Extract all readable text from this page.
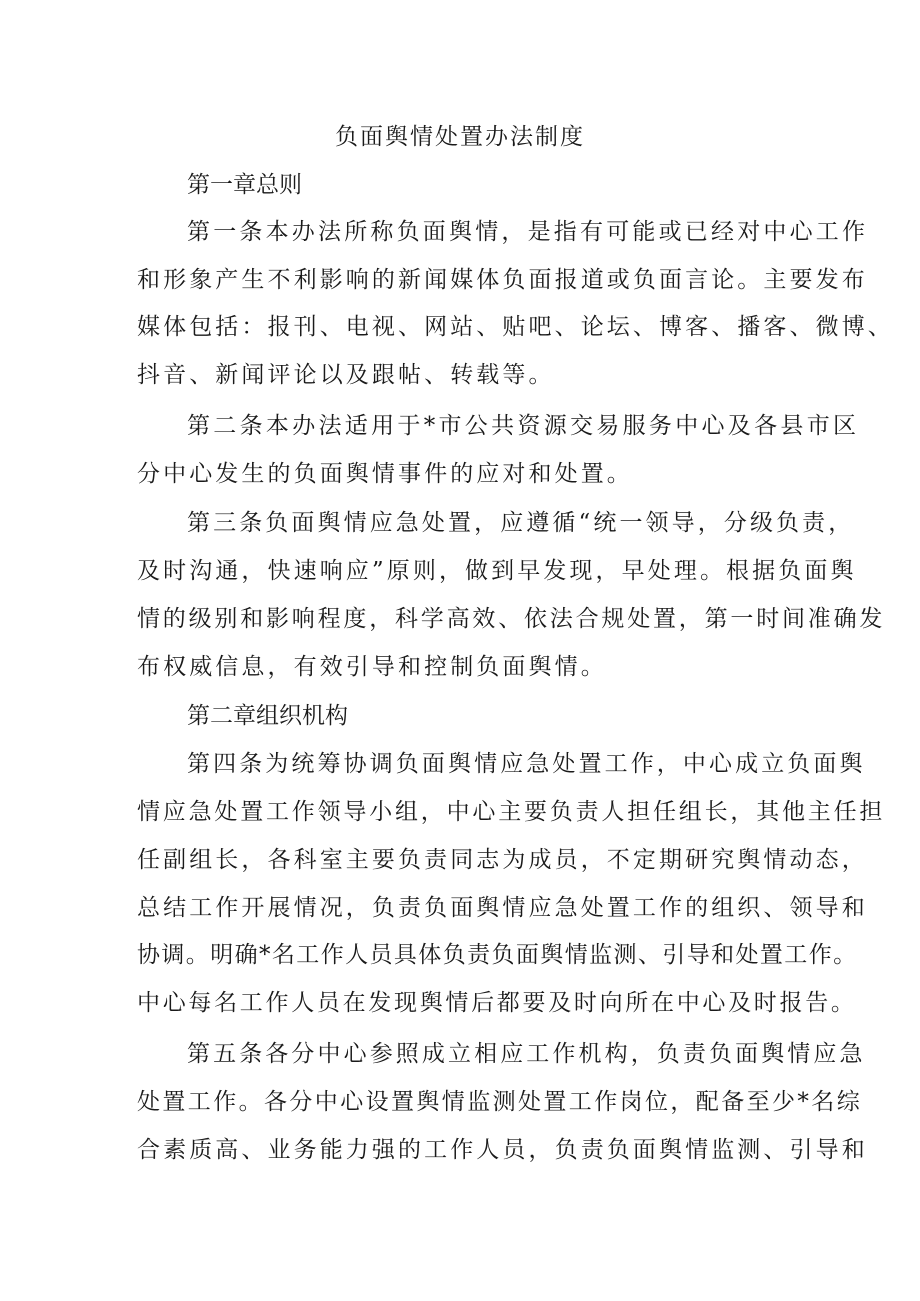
负面舆情处置办法制度
第一章总则
第一条本办法所称负面舆情，是指有可能或已经对中心工作
和形象产生不利影响的新闻媒体负面报道或负面言论。主要发布
媒体包括：报刊、电视、网站、贴吧、论坛、博客、播客、微博、
抖音、新闻评论以及跟帖、转载等。
第二条本办法适用于*市公共资源交易服务中心及各县市区
分中心发生的负面舆情事件的应对和处置。
第三条负面舆情应急处置，应遵循“统一领导，分级负责，
及时沟通，快速响应”原则，做到早发现，早处理。根据负面舆
情的级别和影响程度，科学高效、依法合规处置，第一时间准确发
布权威信息，有效引导和控制负面舆情。
第二章组织机构
第四条为统筹协调负面舆情应急处置工作，中心成立负面舆
情应急处置工作领导小组，中心主要负责人担任组长，其他主任担
任副组长，各科室主要负责同志为成员，不定期研究舆情动态，
总结工作开展情况，负责负面舆情应急处置工作的组织、领导和
协调。明确*名工作人员具体负责负面舆情监测、引导和处置工作。
中心每名工作人员在发现舆情后都要及时向所在中心及时报告。
第五条各分中心参照成立相应工作机构，负责负面舆情应急
处置工作。各分中心设置舆情监测处置工作岗位，配备至少*名综
合素质高、业务能力强的工作人员，负责负面舆情监测、引导和
